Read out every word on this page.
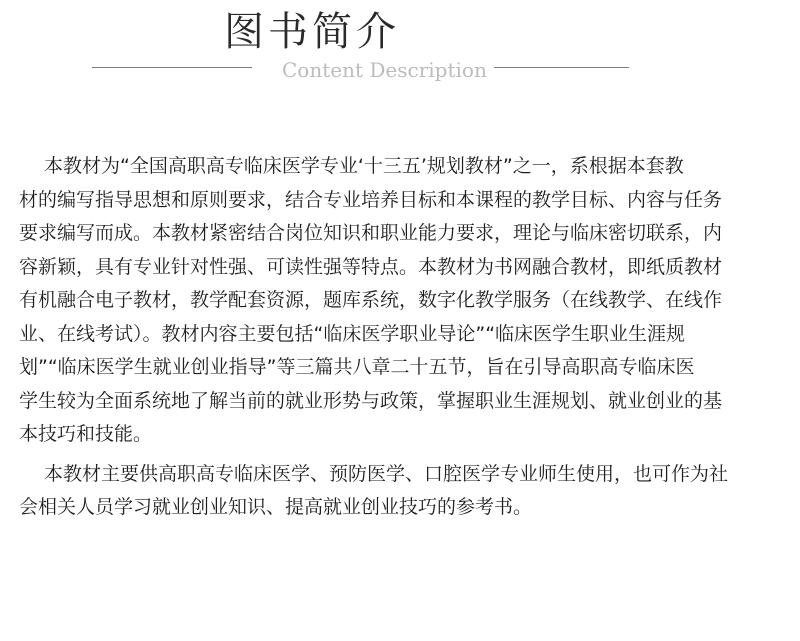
图书简介
Content Description

本教材为“全国高职高专临床医学专业‘十三五’规划教材”之一，系根据本套教
材的编写指导思想和原则要求，结合专业培养目标和本课程的教学目标、内容与任务
要求编写而成。本教材紧密结合岗位知识和职业能力要求，理论与临床密切联系，内
容新颖，具有专业针对性强、可读性强等特点。本教材为书网融合教材，即纸质教材
有机融合电子教材，教学配套资源，题库系统，数字化教学服务（在线教学、在线作
业、在线考试）。教材内容主要包括“临床医学职业导论”“临床医学生职业生涯规
划”“临床医学生就业创业指导”等三篇共八章二十五节，旨在引导高职高专临床医
学生较为全面系统地了解当前的就业形势与政策，掌握职业生涯规划、就业创业的基
本技巧和技能。

本教材主要供高职高专临床医学、预防医学、口腔医学专业师生使用，也可作为社
会相关人员学习就业创业知识、提高就业创业技巧的参考书。
